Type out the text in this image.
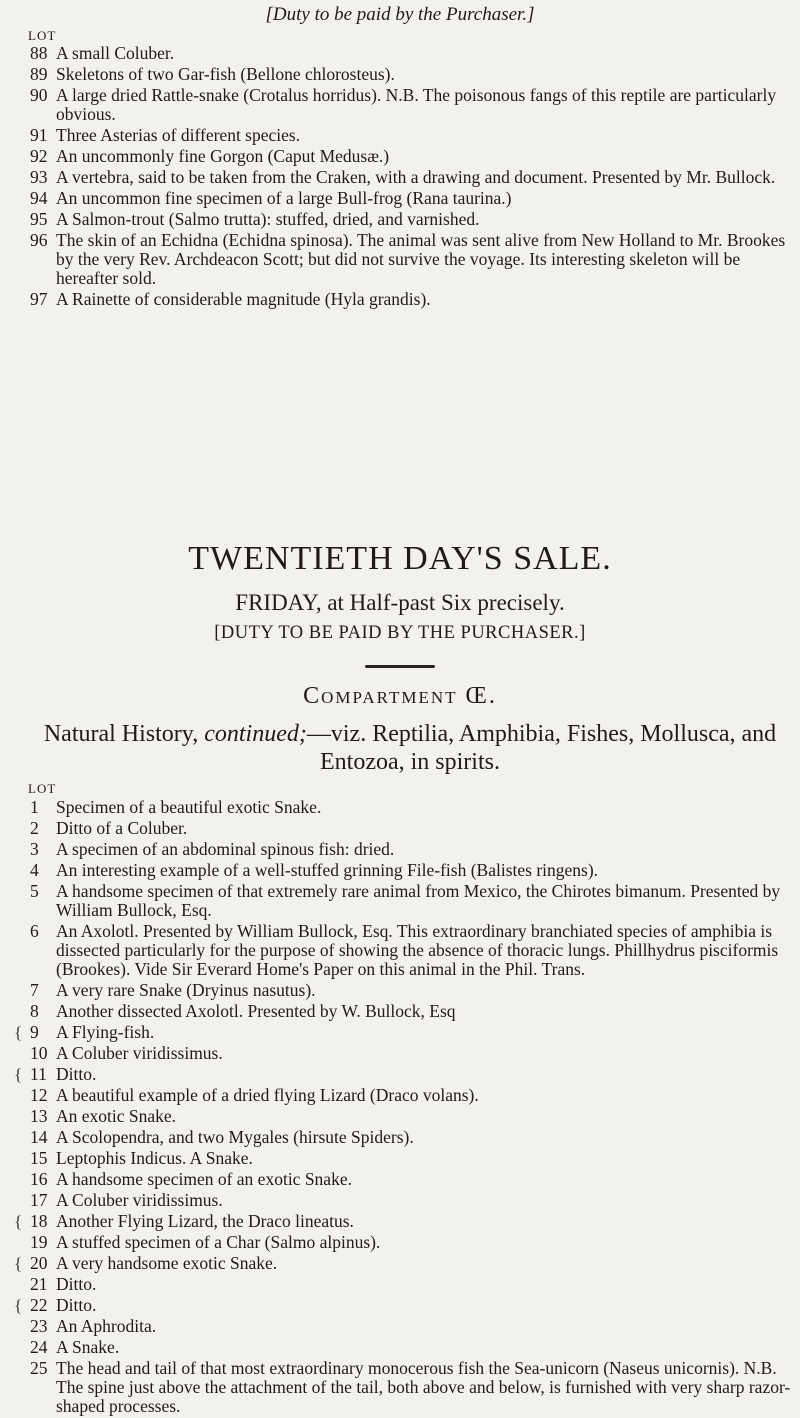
[Duty to be paid by the Purchaser.]
LOT
88 A small Coluber.
89 Skeletons of two Gar-fish (Bellone chlorosteus).
90 A large dried Rattle-snake (Crotalus horridus). N.B. The poisonous fangs of this reptile are particularly obvious.
91 Three Asterias of different species.
92 An uncommonly fine Gorgon (Caput Medusæ.)
93 A vertebra, said to be taken from the Craken, with a drawing and document. Presented by Mr. Bullock.
94 An uncommon fine specimen of a large Bull-frog (Rana taurina.)
95 A Salmon-trout (Salmo trutta): stuffed, dried, and varnished.
96 The skin of an Echidna (Echidna spinosa). The animal was sent alive from New Holland to Mr. Brookes by the very Rev. Archdeacon Scott; but did not survive the voyage. Its interesting skeleton will be hereafter sold.
97 A Rainette of considerable magnitude (Hyla grandis).
TWENTIETH DAY'S SALE.
FRIDAY, at Half-past Six precisely.
[DUTY TO BE PAID BY THE PURCHASER.]
Compartment Œ.
Natural History, continued;—viz. Reptilia, Amphibia, Fishes, Mollusca, and Entozoa, in spirits.
LOT
1 Specimen of a beautiful exotic Snake.
2 Ditto of a Coluber.
3 A specimen of an abdominal spinous fish: dried.
4 An interesting example of a well-stuffed grinning File-fish (Balistes ringens).
5 A handsome specimen of that extremely rare animal from Mexico, the Chirotes bimanum. Presented by William Bullock, Esq.
6 An Axolotl. Presented by William Bullock, Esq. This extraordinary branchiated species of amphibia is dissected particularly for the purpose of showing the absence of thoracic lungs. Phillhydrus pisciformis (Brookes). Vide Sir Everard Home's Paper on this animal in the Phil. Trans.
7 A very rare Snake (Dryinus nasutus).
8 Another dissected Axolotl. Presented by W. Bullock, Esq
{ 9 A Flying-fish.
10 A Coluber viridissimus.
{ 11 Ditto.
12 A beautiful example of a dried flying Lizard (Draco volans).
13 An exotic Snake.
14 A Scolopendra, and two Mygales (hirsute Spiders).
15 Leptophis Indicus. A Snake.
16 A handsome specimen of an exotic Snake.
17 A Coluber viridissimus.
{ 18 Another Flying Lizard, the Draco lineatus.
19 A stuffed specimen of a Char (Salmo alpinus).
{ 20 A very handsome exotic Snake.
21 Ditto.
{ 22 Ditto.
23 An Aphrodita.
24 A Snake.
25 The head and tail of that most extraordinary monocerous fish the Sea-unicorn (Naseus unicornis). N.B. The spine just above the attachment of the tail, both above and below, is furnished with very sharp razor-shaped processes.
